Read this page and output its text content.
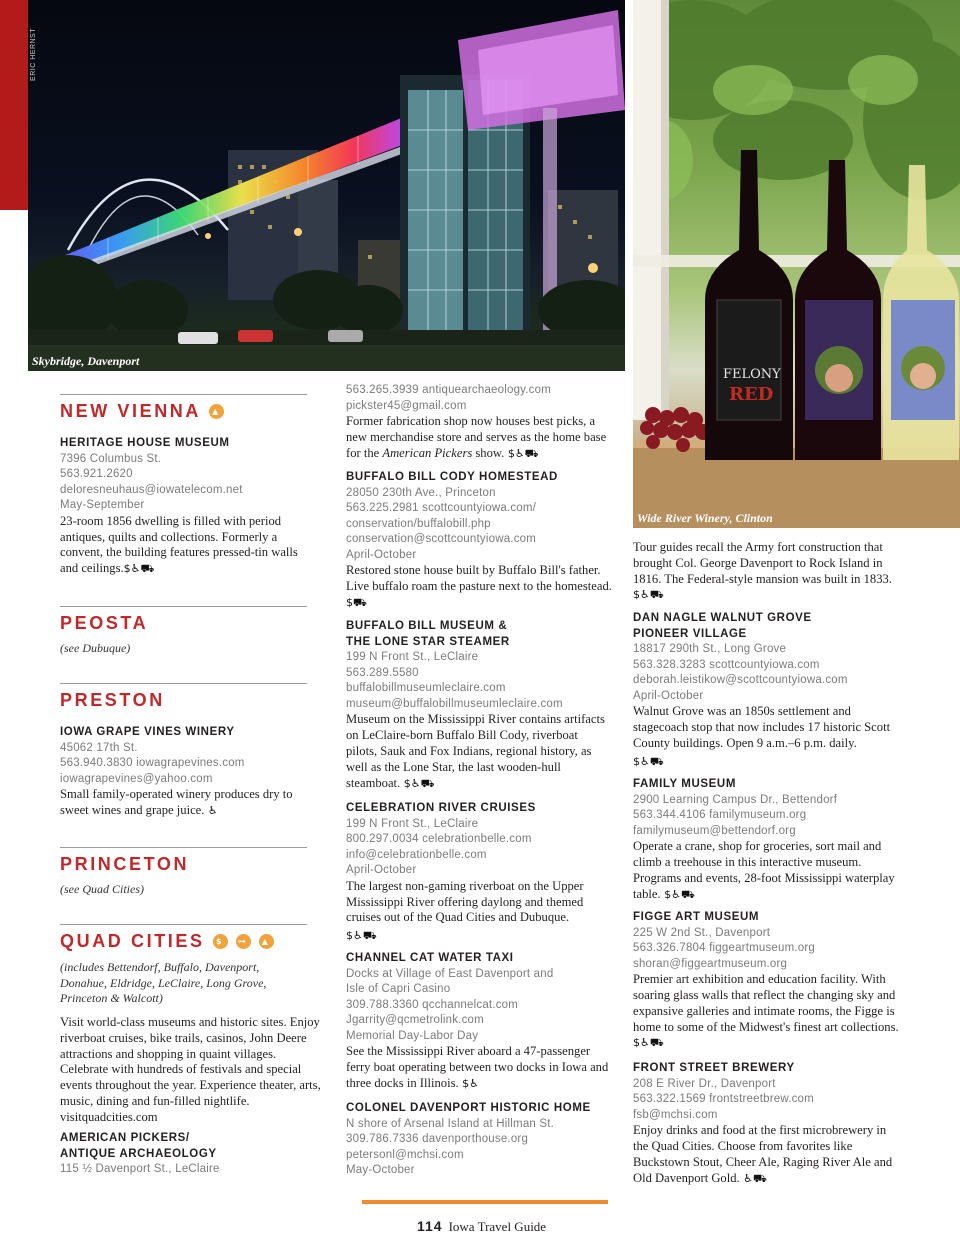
ERIC HERNST
Skybridge, Davenport
FELONY
RED
Wide River Winery, Clinton
NEW VIENNA	▲
HERITAGE HOUSE MUSEUM
7396 Columbus St.
563.921.2620
deloresneuhaus@iowatelecom.net
May-September
23-room 1856 dwelling is filled with period antiques, quilts and collections. Formerly a convent, the building features pressed-tin walls and ceilings.$♿⛟
PEOSTA
(see Dubuque)
PRESTON
IOWA GRAPE VINES WINERY
45062 17th St.
563.940.3830 iowagrapevines.com
iowagrapevines@yahoo.com
Small family-operated winery produces dry to sweet wines and grape juice. ♿
PRINCETON
(see Quad Cities)
QUAD CITIES	$	⊶	▲
(includes Bettendorf, Buffalo, Davenport, Donahue, Eldridge, LeClaire, Long Grove, Princeton & Walcott)
Visit world-class museums and historic sites. Enjoy riverboat cruises, bike trails, casinos, John Deere attractions and shopping in quaint villages. Celebrate with hundreds of festivals and special events throughout the year. Experience theater, arts, music, dining and fun-filled nightlife. visitquadcities.com
AMERICAN PICKERS/
ANTIQUE ARCHAEOLOGY
115 ½ Davenport St., LeClaire
563.265.3939 antiquearchaeology.com
pickster45@gmail.com
Former fabrication shop now houses best picks, a new merchandise store and serves as the home base for the American Pickers show. $♿⛟
BUFFALO BILL CODY HOMESTEAD
28050 230th Ave., Princeton
563.225.2981 scottcountyiowa.com/
conservation/buffalobill.php
conservation@scottcountyiowa.com
April-October
Restored stone house built by Buffalo Bill's father. Live buffalo roam the pasture next to the homestead. $⛟
BUFFALO BILL MUSEUM &
THE LONE STAR STEAMER
199 N Front St., LeClaire
563.289.5580
buffalobillmuseumleclaire.com
museum@buffalobillmuseumleclaire.com
Museum on the Mississippi River contains artifacts on LeClaire-born Buffalo Bill Cody, riverboat pilots, Sauk and Fox Indians, regional history, as well as the Lone Star, the last wooden-hull steamboat. $♿⛟
CELEBRATION RIVER CRUISES
199 N Front St., LeClaire
800.297.0034 celebrationbelle.com
info@celebrationbelle.com
April-October
The largest non-gaming riverboat on the Upper Mississippi River offering daylong and themed cruises out of the Quad Cities and Dubuque.
$♿⛟
CHANNEL CAT WATER TAXI
Docks at Village of East Davenport and
Isle of Capri Casino
309.788.3360 qcchannelcat.com
Jgarrity@qcmetrolink.com
Memorial Day-Labor Day
See the Mississippi River aboard a 47-passenger ferry boat operating between two docks in Iowa and three docks in Illinois. $♿
COLONEL DAVENPORT HISTORIC HOME
N shore of Arsenal Island at Hillman St.
309.786.7336 davenporthouse.org
petersonl@mchsi.com
May-October
Tour guides recall the Army fort construction that brought Col. George Davenport to Rock Island in 1816. The Federal-style mansion was built in 1833. $♿⛟
DAN NAGLE WALNUT GROVE
PIONEER VILLAGE
18817 290th St., Long Grove
563.328.3283 scottcountyiowa.com
deborah.leistikow@scottcountyiowa.com
April-October
Walnut Grove was an 1850s settlement and stagecoach stop that now includes 17 historic Scott County buildings. Open 9 a.m.–6 p.m. daily.
$♿⛟
FAMILY MUSEUM
2900 Learning Campus Dr., Bettendorf
563.344.4106 familymuseum.org
familymuseum@bettendorf.org
Operate a crane, shop for groceries, sort mail and climb a treehouse in this interactive museum. Programs and events, 28-foot Mississippi waterplay table. $♿⛟
FIGGE ART MUSEUM
225 W 2nd St., Davenport
563.326.7804 figgeartmuseum.org
shoran@figgeartmuseum.org
Premier art exhibition and education facility. With soaring glass walls that reflect the changing sky and expansive galleries and intimate rooms, the Figge is home to some of the Midwest's finest art collections. $♿⛟
FRONT STREET BREWERY
208 E River Dr., Davenport
563.322.1569 frontstreetbrew.com
fsb@mchsi.com
Enjoy drinks and food at the first microbrewery in the Quad Cities. Choose from favorites like Buckstown Stout, Cheer Ale, Raging River Ale and Old Davenport Gold. ♿⛟
114 Iowa Travel Guide
